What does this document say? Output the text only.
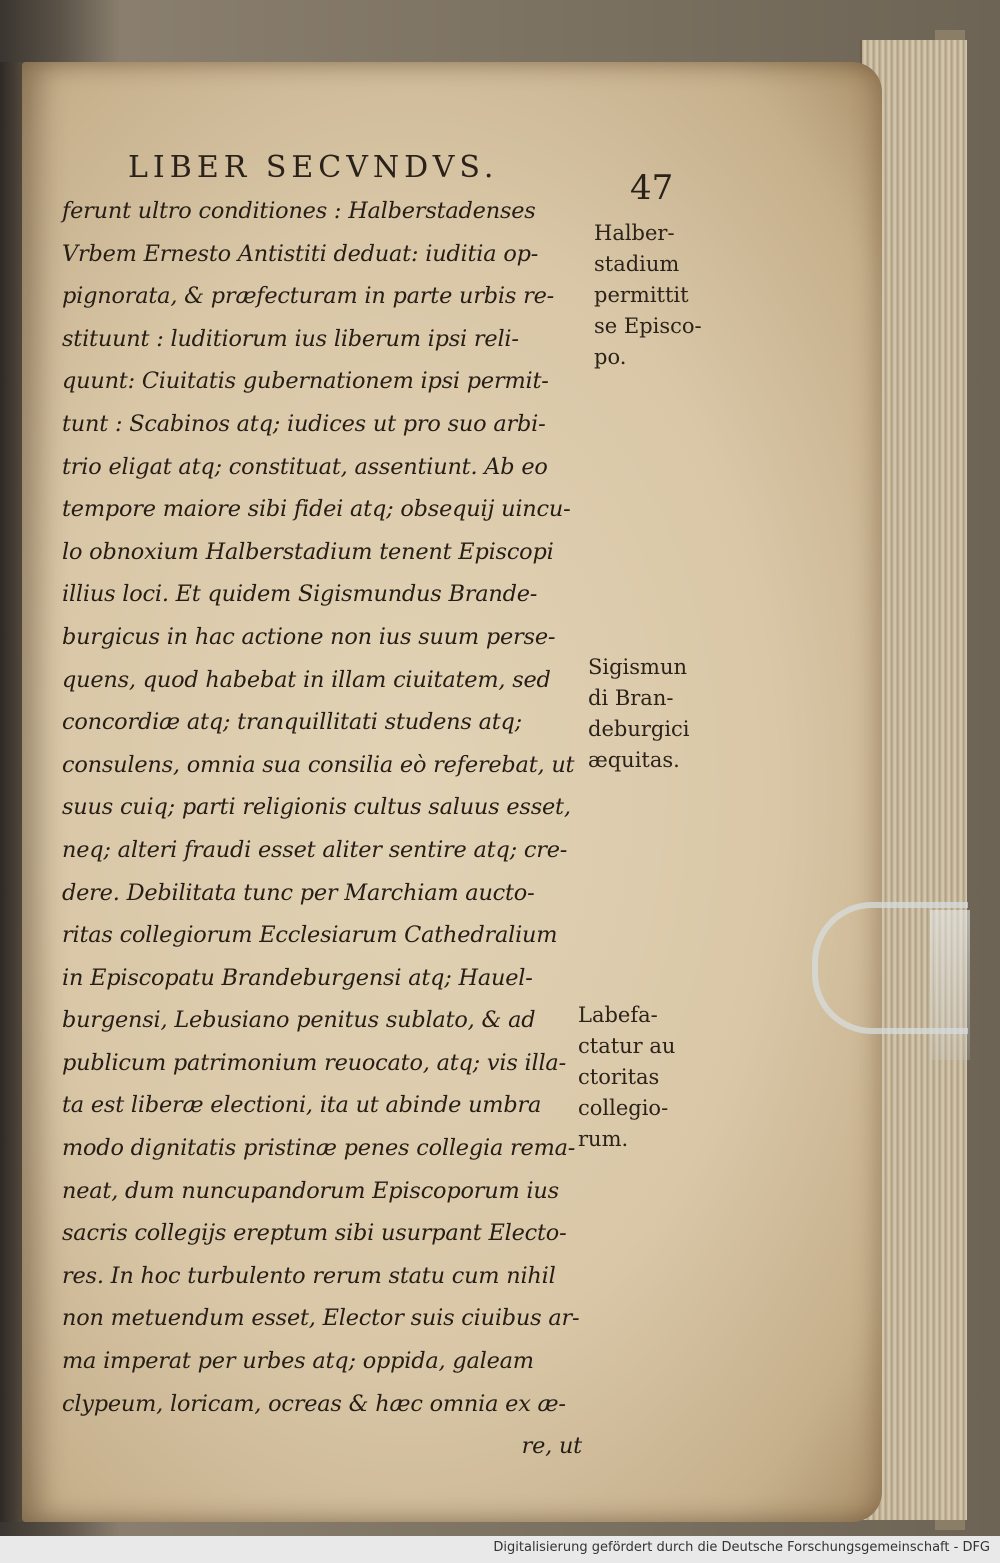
LIBER SECVNDVS.
47
ferunt ultro conditiones : Halberstadenses
Vrbem Ernesto Antistiti deduat: iuditia op-
pignorata, & præfecturam in parte urbis re-
stituunt : luditiorum ius liberum ipsi reli-
quunt: Ciuitatis gubernationem ipsi permit-
tunt : Scabinos atq; iudices ut pro suo arbi-
trio eligat atq; constituat, assentiunt. Ab eo
tempore maiore sibi fidei atq; obsequij uincu-
lo obnoxium Halberstadium tenent Episcopi
illius loci. Et quidem Sigismundus Brande-
burgicus in hac actione non ius suum perse-
quens, quod habebat in illam ciuitatem, sed
concordiæ atq; tranquillitati studens atq;
consulens, omnia sua consilia eò referebat, ut
suus cuiq; parti religionis cultus saluus esset,
neq; alteri fraudi esset aliter sentire atq; cre-
dere. Debilitata tunc per Marchiam aucto-
ritas collegiorum Ecclesiarum Cathedralium
in Episcopatu Brandeburgensi atq; Hauel-
burgensi, Lebusiano penitus sublato, & ad
publicum patrimonium reuocato, atq; vis illa-
ta est liberæ electioni, ita ut abinde umbra
modo dignitatis pristinæ penes collegia rema-
neat, dum nuncupandorum Episcoporum ius
sacris collegijs ereptum sibi usurpant Electo-
res. In hoc turbulento rerum statu cum nihil
non metuendum esset, Elector suis ciuibus ar-
ma imperat per urbes atq; oppida, galeam
clypeum, loricam, ocreas & hæc omnia ex æ-
re, ut
Halber-
stadium
permittit
se Episco-
po.
Sigismun
di Bran-
deburgici
æquitas.
Labefa-
ctatur au
ctoritas
collegio-
rum.
Digitalisierung gefördert durch die Deutsche Forschungsgemeinschaft - DFG
